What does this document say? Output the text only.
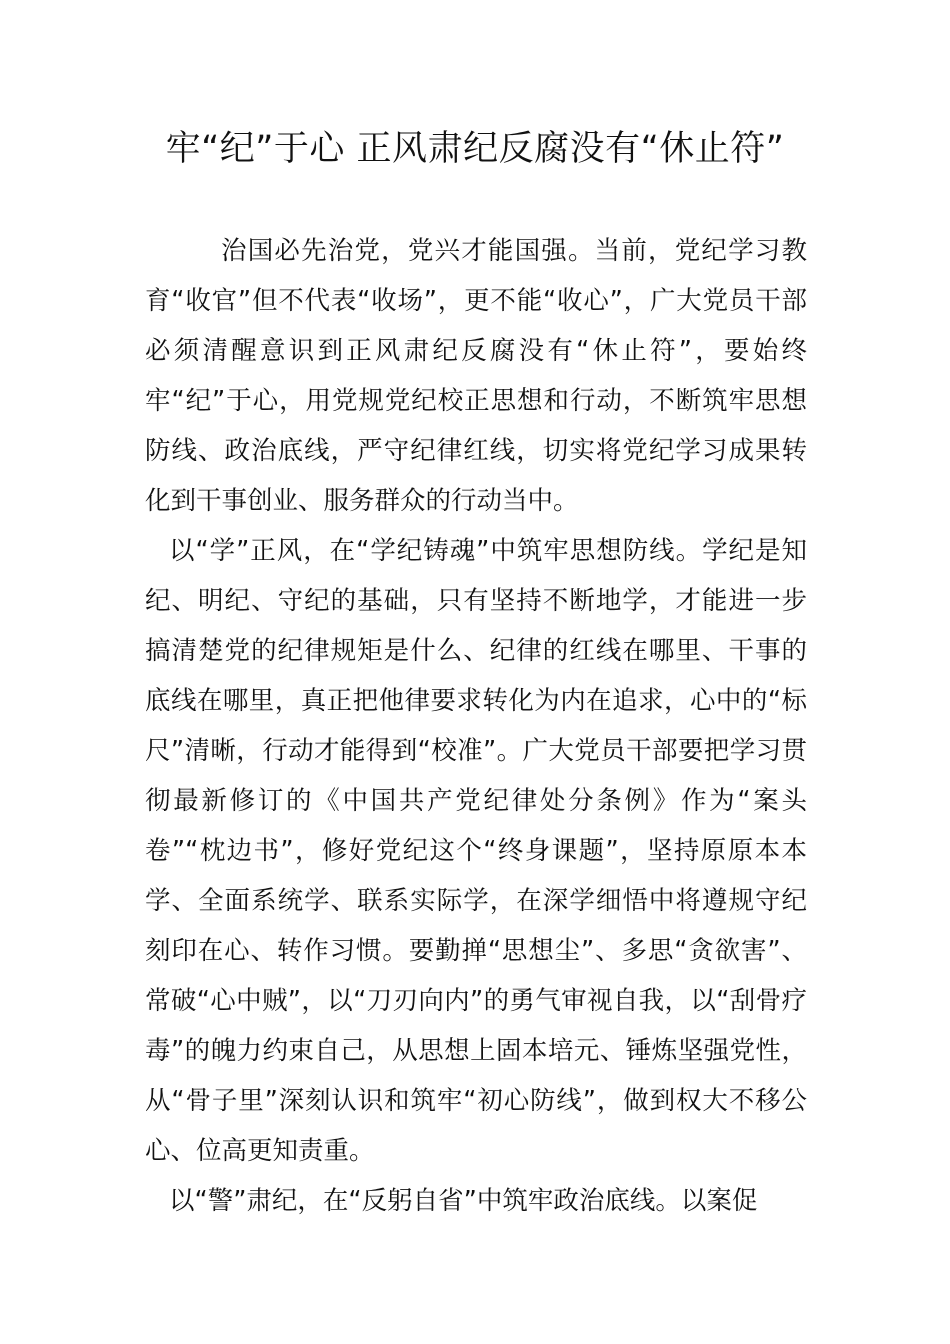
牢“纪”于心 正风肃纪反腐没有“休止符”

治国必先治党，党兴才能国强。当前，党纪学习教育“收官”但不代表“收场”，更不能“收心”，广大党员干部必须清醒意识到正风肃纪反腐没有“休止符”，要始终牢“纪”于心，用党规党纪校正思想和行动，不断筑牢思想防线、政治底线，严守纪律红线，切实将党纪学习成果转化到干事创业、服务群众的行动当中。

以“学”正风，在“学纪铸魂”中筑牢思想防线。学纪是知纪、明纪、守纪的基础，只有坚持不断地学，才能进一步搞清楚党的纪律规矩是什么、纪律的红线在哪里、干事的底线在哪里，真正把他律要求转化为内在追求，心中的“标尺”清晰，行动才能得到“校准”。广大党员干部要把学习贯彻最新修订的《中国共产党纪律处分条例》作为“案头卷”“枕边书”，修好党纪这个“终身课题”，坚持原原本本学、全面系统学、联系实际学，在深学细悟中将遵规守纪刻印在心、转作习惯。要勤掸“思想尘”、多思“贪欲害”、常破“心中贼”，以“刀刃向内”的勇气审视自我，以“刮骨疗毒”的魄力约束自己，从思想上固本培元、锤炼坚强党性，从“骨子里”深刻认识和筑牢“初心防线”，做到权大不移公心、位高更知责重。

以“警”肃纪，在“反躬自省”中筑牢政治底线。以案促
